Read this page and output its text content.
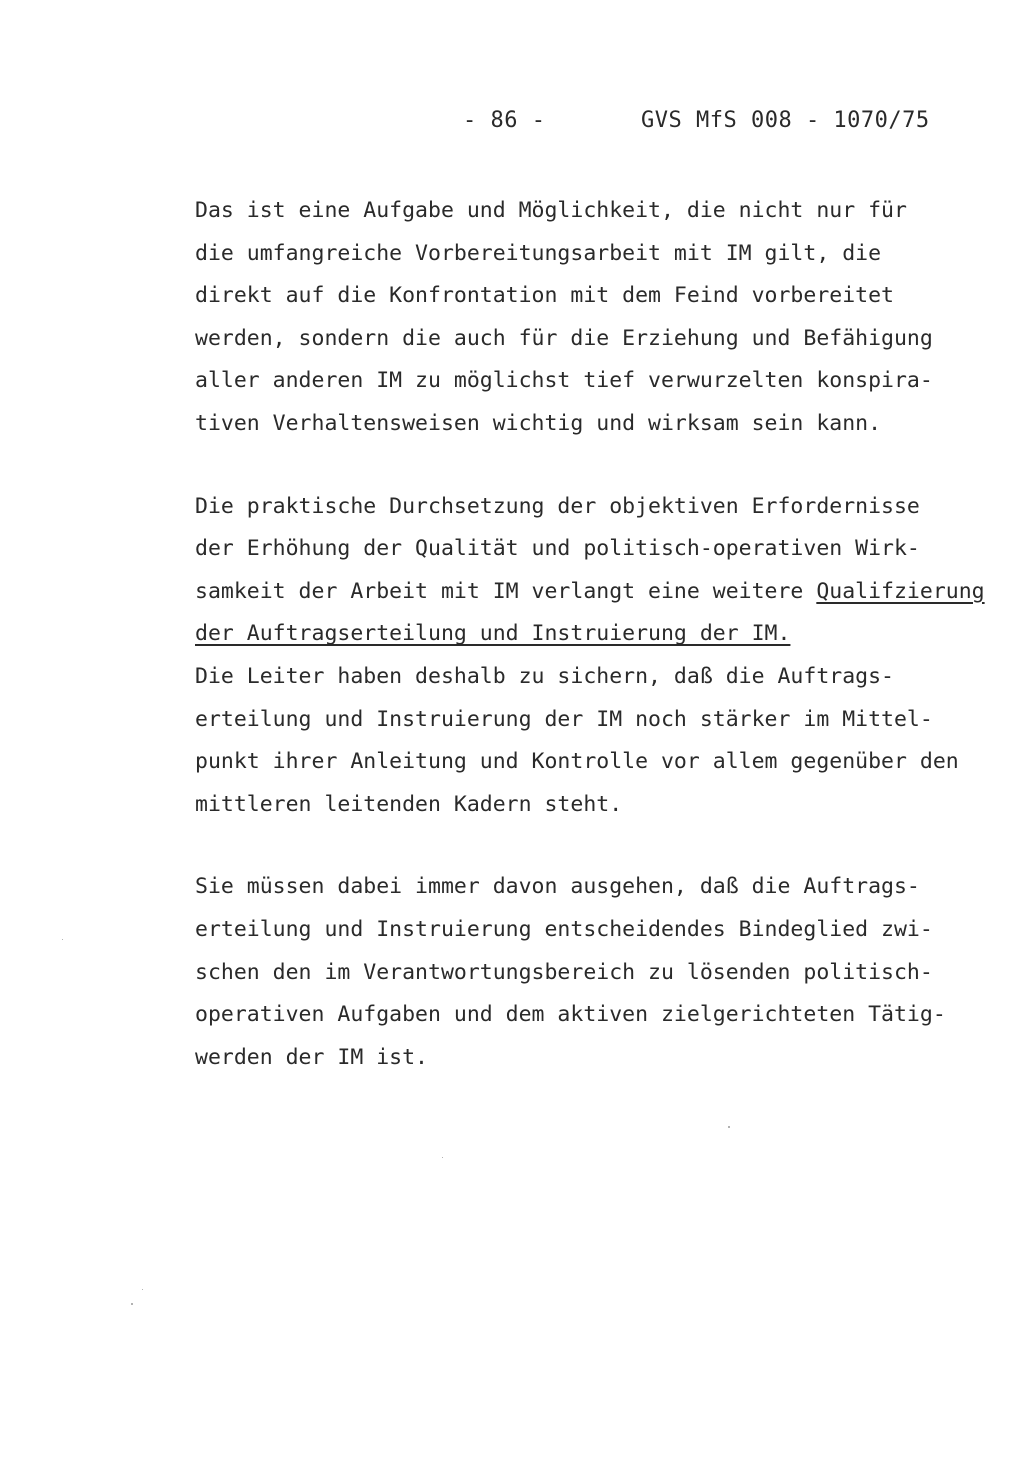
- 86 -	GVS MfS 008 - 1070/75
Das ist eine Aufgabe und Möglichkeit, die nicht nur für
die umfangreiche Vorbereitungsarbeit mit IM gilt, die
direkt auf die Konfrontation mit dem Feind vorbereitet
werden, sondern die auch für die Erziehung und Befähigung
aller anderen IM zu möglichst tief verwurzelten konspira-
tiven Verhaltensweisen wichtig und wirksam sein kann.
Die praktische Durchsetzung der objektiven Erfordernisse
der Erhöhung der Qualität und politisch-operativen Wirk-
samkeit der Arbeit mit IM verlangt eine weitere Qualifzierung
der Auftragserteilung und Instruierung der IM.
Die Leiter haben deshalb zu sichern, daß die Auftrags-
erteilung und Instruierung der IM noch stärker im Mittel-
punkt ihrer Anleitung und Kontrolle vor allem gegenüber den
mittleren leitenden Kadern steht.
Sie müssen dabei immer davon ausgehen, daß die Auftrags-
erteilung und Instruierung entscheidendes Bindeglied zwi-
schen den im Verantwortungsbereich zu lösenden politisch-
operativen Aufgaben und dem aktiven zielgerichteten Tätig-
werden der IM ist.
